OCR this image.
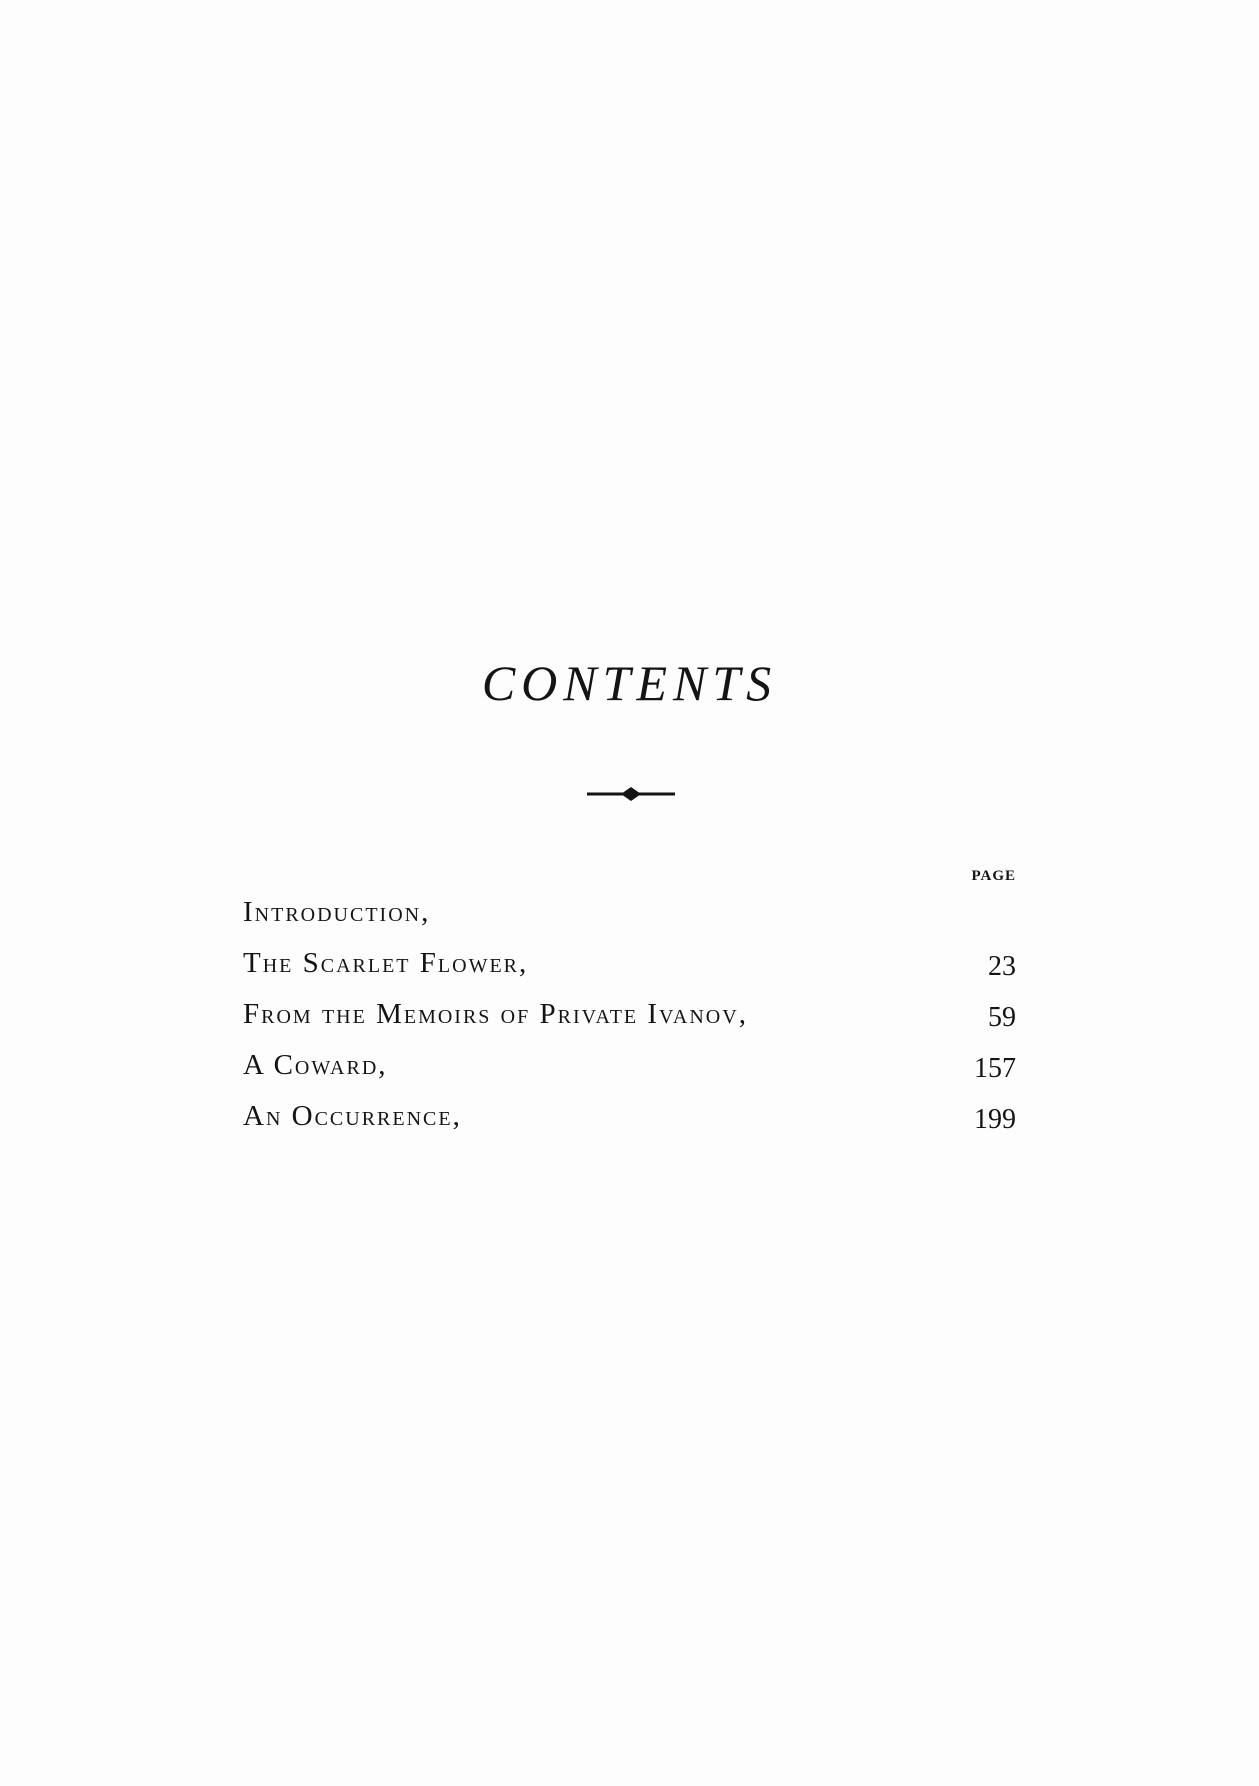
CONTENTS
PAGE
Introduction,
The Scarlet Flower,	23
From the Memoirs of Private Ivanov,	59
A Coward,	157
An Occurrence,	199
